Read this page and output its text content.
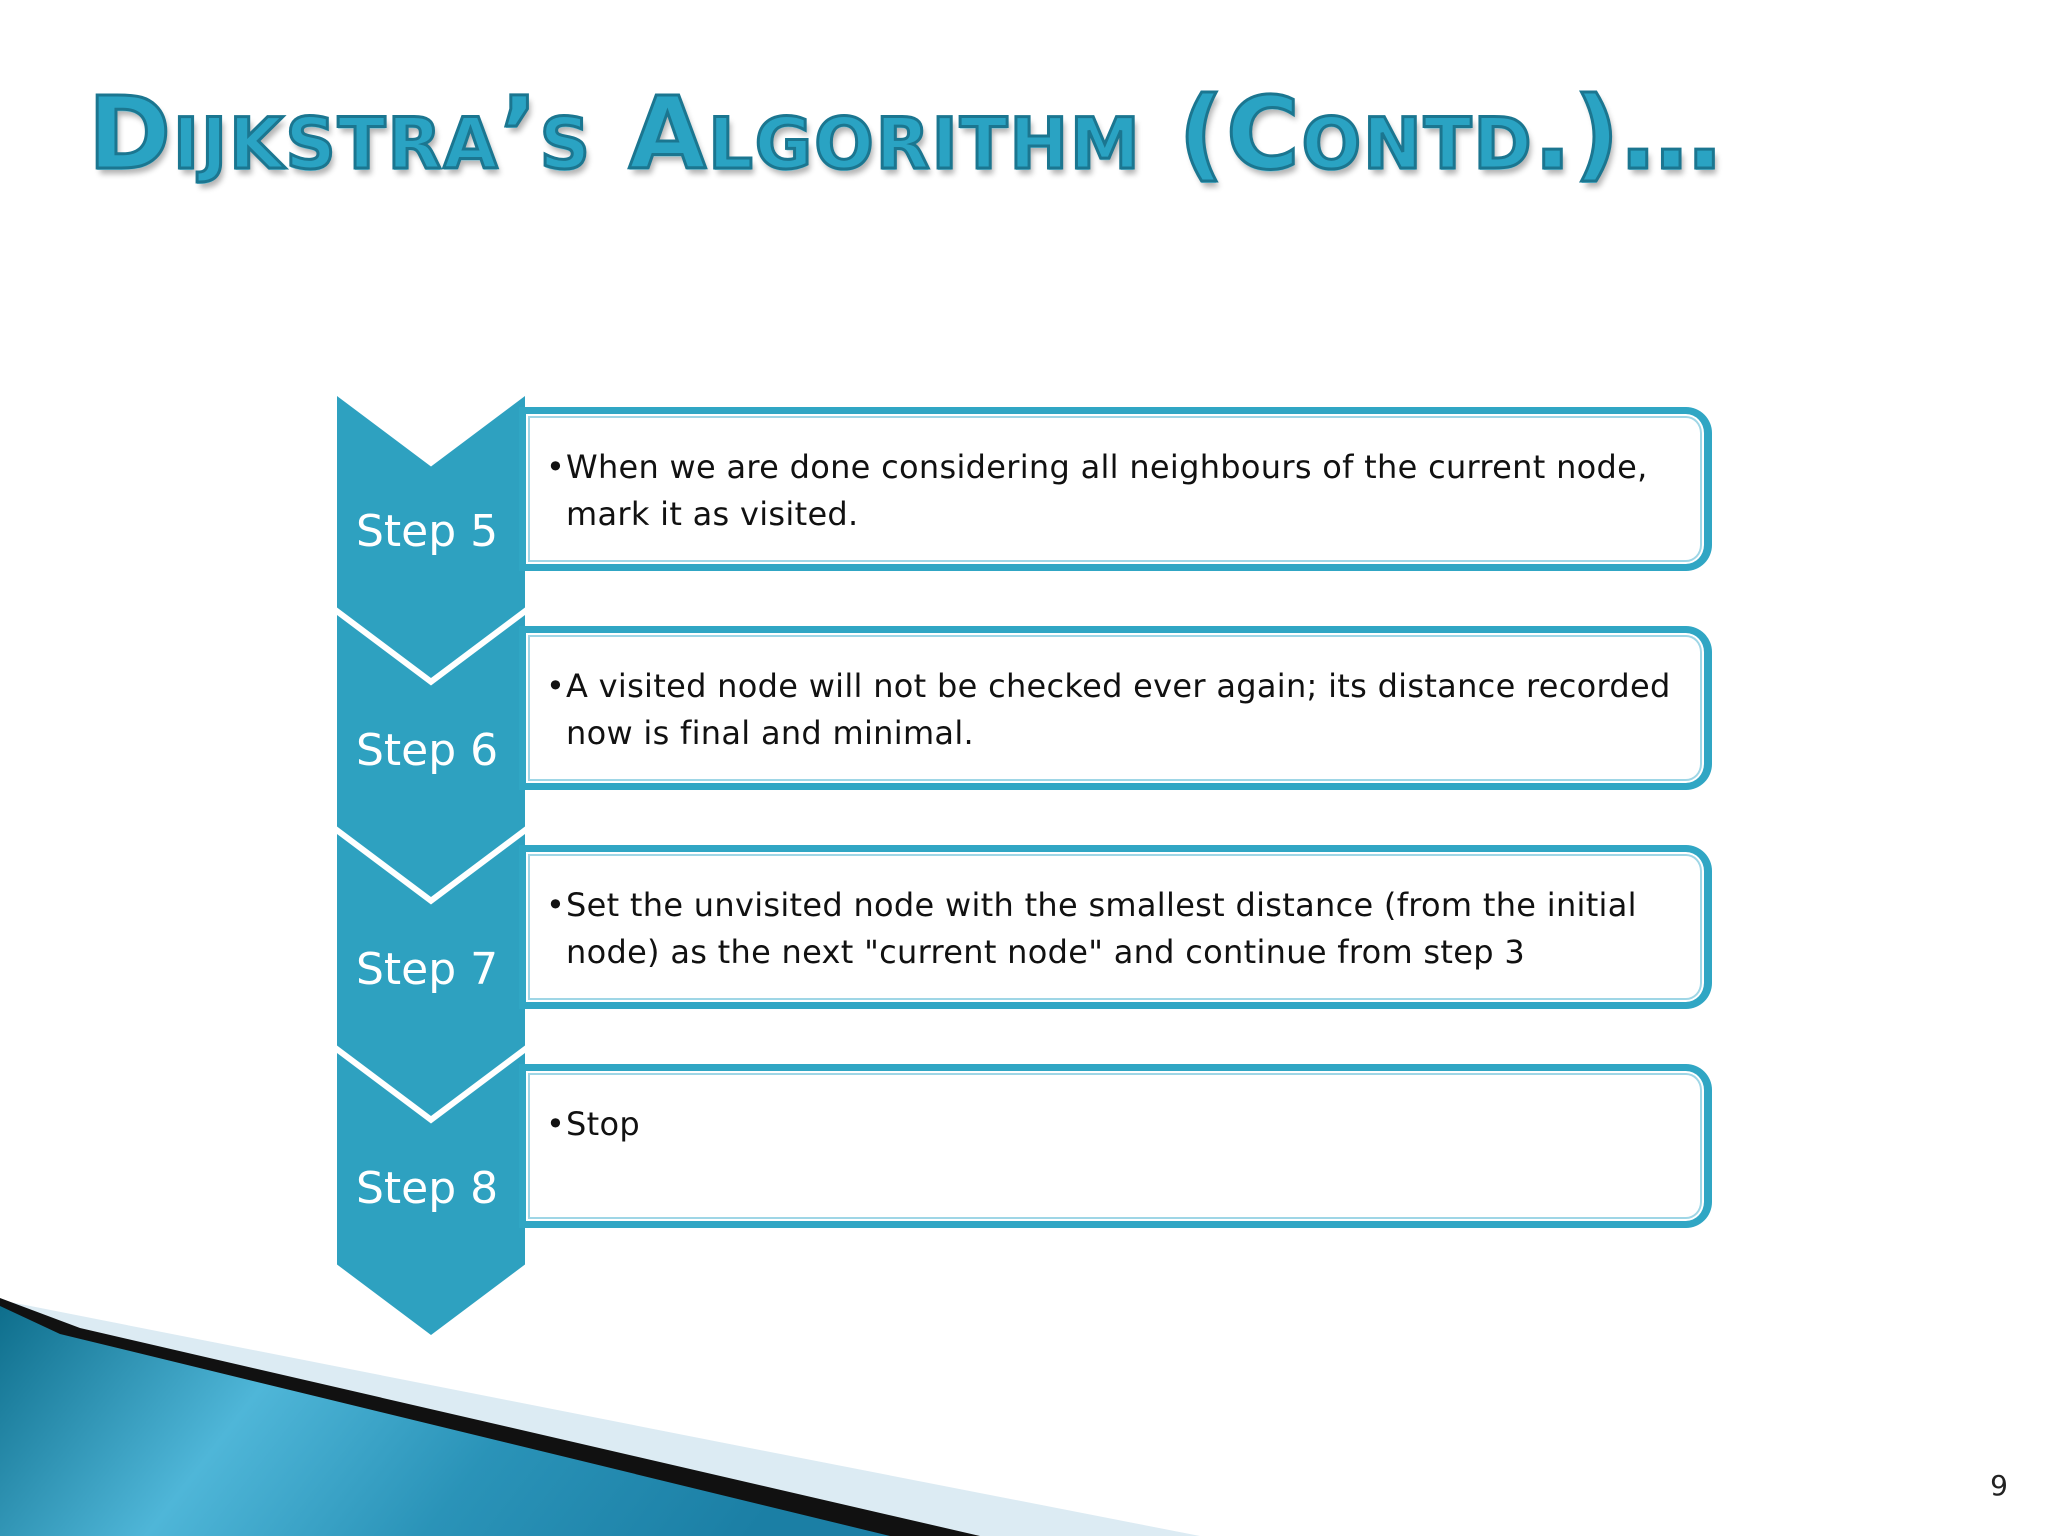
Dijkstra’s Algorithm (Contd.)…
Step 5
• When we are done considering all neighbours of the current node, mark it as visited.
Step 6
• A visited node will not be checked ever again; its distance recorded now is final and minimal.
Step 7
• Set the unvisited node with the smallest distance (from the initial node) as the next "current node" and continue from step 3
Step 8
• Stop
9
